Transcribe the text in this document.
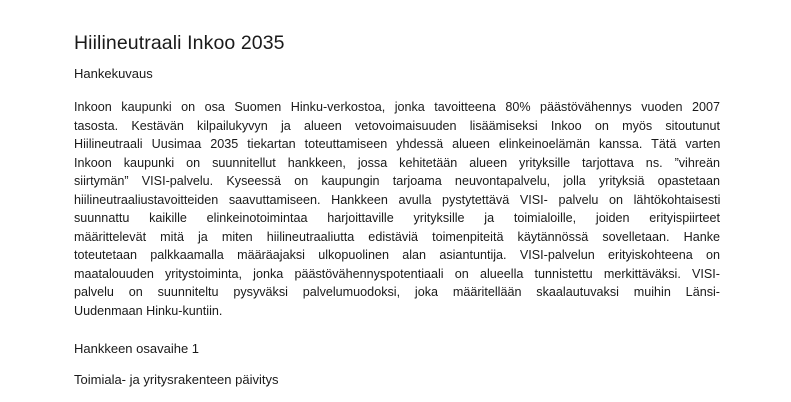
Hiilineutraali Inkoo 2035
Hankekuvaus
Inkoon kaupunki on osa Suomen Hinku-verkostoa, jonka tavoitteena 80% päästövähennys vuoden 2007
tasosta. Kestävän kilpailukyvyn ja alueen vetovoimaisuuden lisäämiseksi Inkoo on myös sitoutunut
Hiilineutraali Uusimaa 2035 tiekartan toteuttamiseen yhdessä alueen elinkeinoelämän kanssa. Tätä varten
Inkoon kaupunki on suunnitellut hankkeen, jossa kehitetään alueen yrityksille tarjottava ns. ”vihreän
siirtymän” VISI-palvelu. Kyseessä on kaupungin tarjoama neuvontapalvelu, jolla yrityksiä opastetaan
hiilineutraaliustavoitteiden saavuttamiseen. Hankkeen avulla pystytettävä VISI- palvelu on lähtökohtaisesti
suunnattu kaikille elinkeinotoimintaa harjoittaville yrityksille ja toimialoille, joiden erityispiirteet
määrittelevät mitä ja miten hiilineutraaliutta edistäviä toimenpiteitä käytännössä sovelletaan. Hanke
toteutetaan palkkaamalla määräajaksi ulkopuolinen alan asiantuntija. VISI-palvelun erityiskohteena on
maatalouuden yritystoiminta, jonka päästövähennyspotentiaali on alueella tunnistettu merkittäväksi. VISI-
palvelu on suunniteltu pysyväksi palvelumuodoksi, joka määritellään skaalautuvaksi muihin Länsi-
Uudenmaan Hinku-kuntiin.
Hankkeen osavaihe 1
Toimiala- ja yritysrakenteen päivitys
